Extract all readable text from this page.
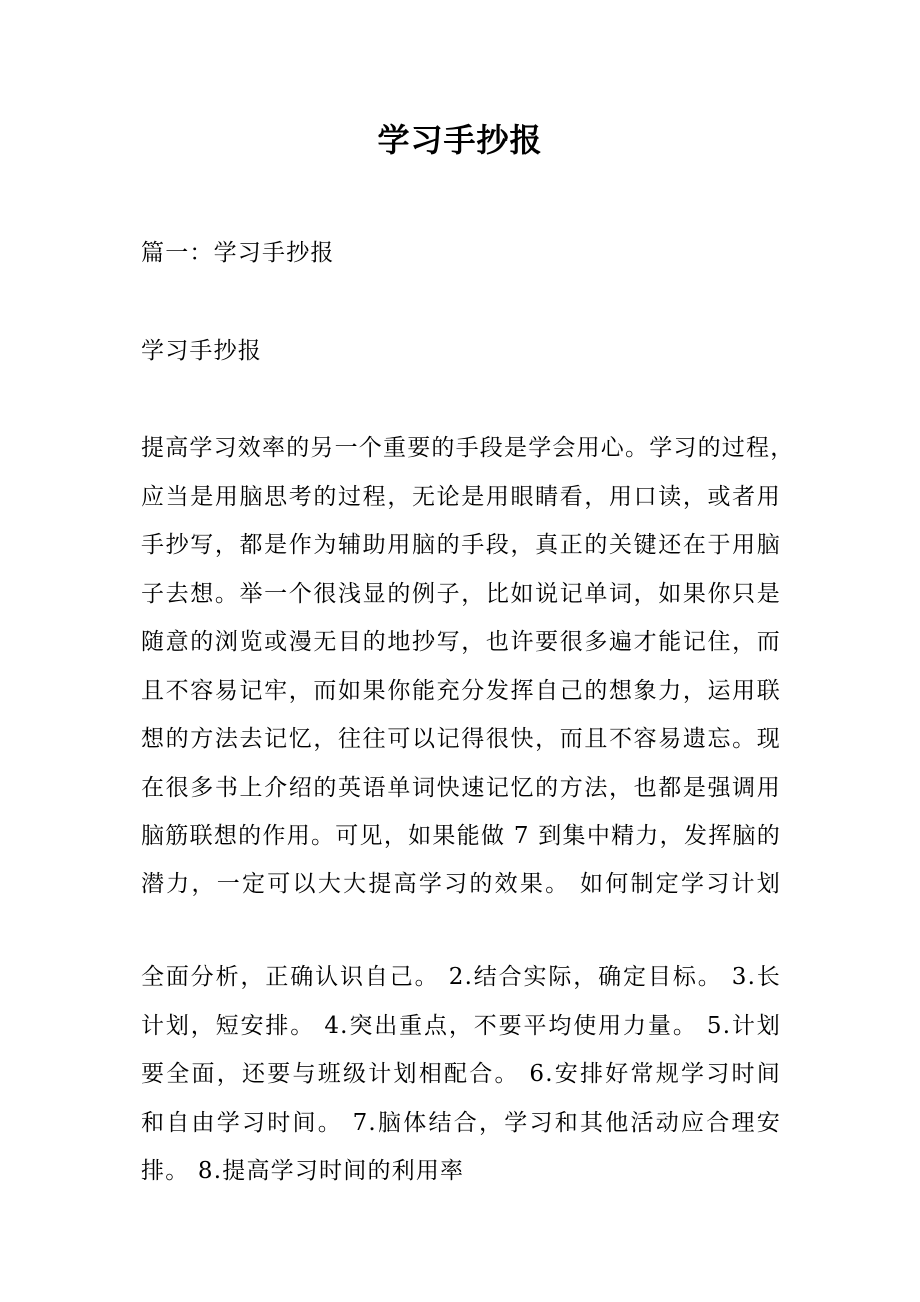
学习手抄报
篇一：学习手抄报
学习手抄报
提高学习效率的另一个重要的手段是学会用心。学习的过程，
应当是用脑思考的过程，无论是用眼睛看，用口读，或者用
手抄写，都是作为辅助用脑的手段，真正的关键还在于用脑
子去想。举一个很浅显的例子，比如说记单词，如果你只是
随意的浏览或漫无目的地抄写，也许要很多遍才能记住，而
且不容易记牢，而如果你能充分发挥自己的想象力，运用联
想的方法去记忆，往往可以记得很快，而且不容易遗忘。现
在很多书上介绍的英语单词快速记忆的方法，也都是强调用
脑筋联想的作用。可见，如果能做 7 到集中精力，发挥脑的
潜力，一定可以大大提高学习的效果。 如何制定学习计划
全面分析，正确认识自己。 2.结合实际，确定目标。 3.长
计划，短安排。 4.突出重点，不要平均使用力量。 5.计划
要全面，还要与班级计划相配合。 6.安排好常规学习时间
和自由学习时间。 7.脑体结合，学习和其他活动应合理安
排。 8.提高学习时间的利用率
